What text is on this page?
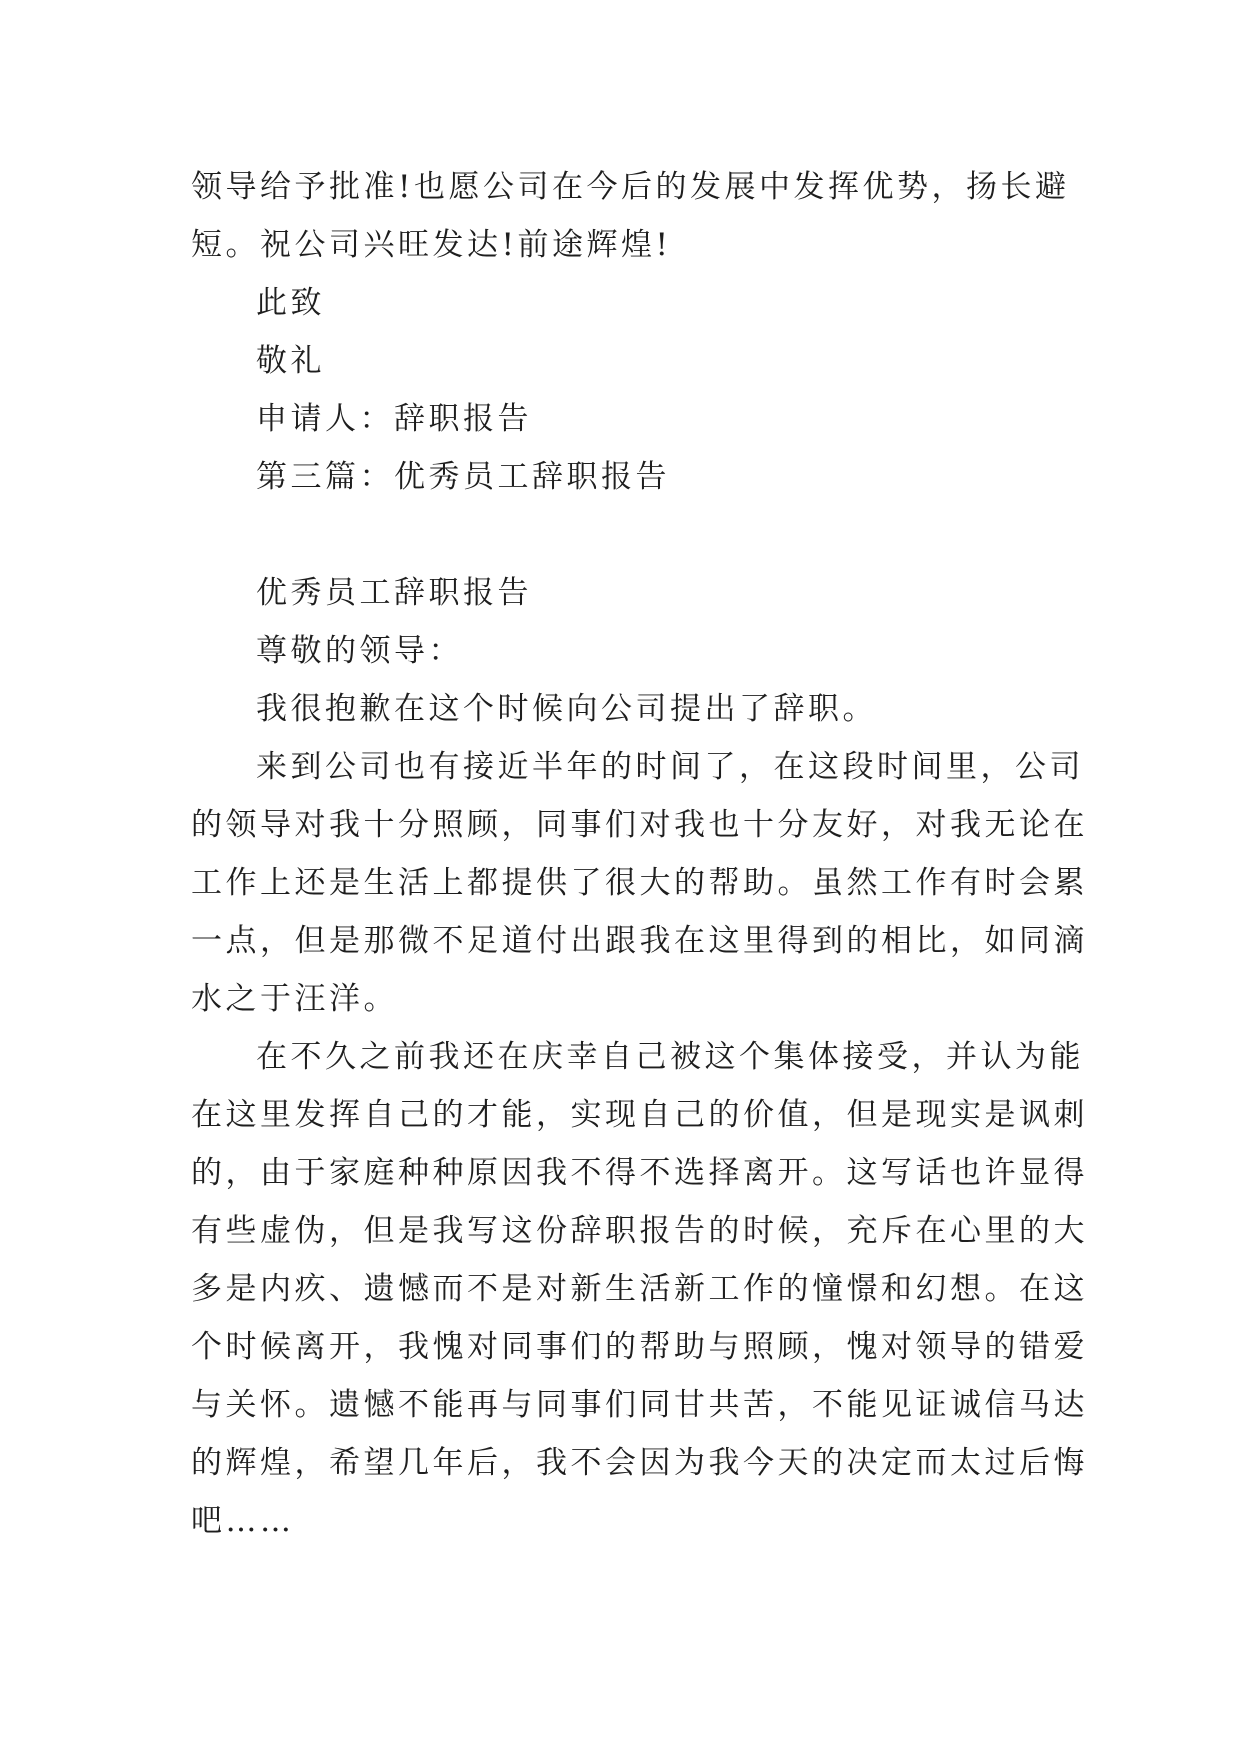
领导给予批准!也愿公司在今后的发展中发挥优势，扬长避
短。祝公司兴旺发达!前途辉煌!
此致
敬礼
申请人：辞职报告
第三篇：优秀员工辞职报告
优秀员工辞职报告
尊敬的领导：
我很抱歉在这个时候向公司提出了辞职。
来到公司也有接近半年的时间了，在这段时间里，公司
的领导对我十分照顾，同事们对我也十分友好，对我无论在
工作上还是生活上都提供了很大的帮助。虽然工作有时会累
一点，但是那微不足道付出跟我在这里得到的相比，如同滴
水之于汪洋。
在不久之前我还在庆幸自己被这个集体接受，并认为能
在这里发挥自己的才能，实现自己的价值，但是现实是讽刺
的，由于家庭种种原因我不得不选择离开。这写话也许显得
有些虚伪，但是我写这份辞职报告的时候，充斥在心里的大
多是内疚、遗憾而不是对新生活新工作的憧憬和幻想。在这
个时候离开，我愧对同事们的帮助与照顾，愧对领导的错爱
与关怀。遗憾不能再与同事们同甘共苦，不能见证诚信马达
的辉煌，希望几年后，我不会因为我今天的决定而太过后悔
吧……
